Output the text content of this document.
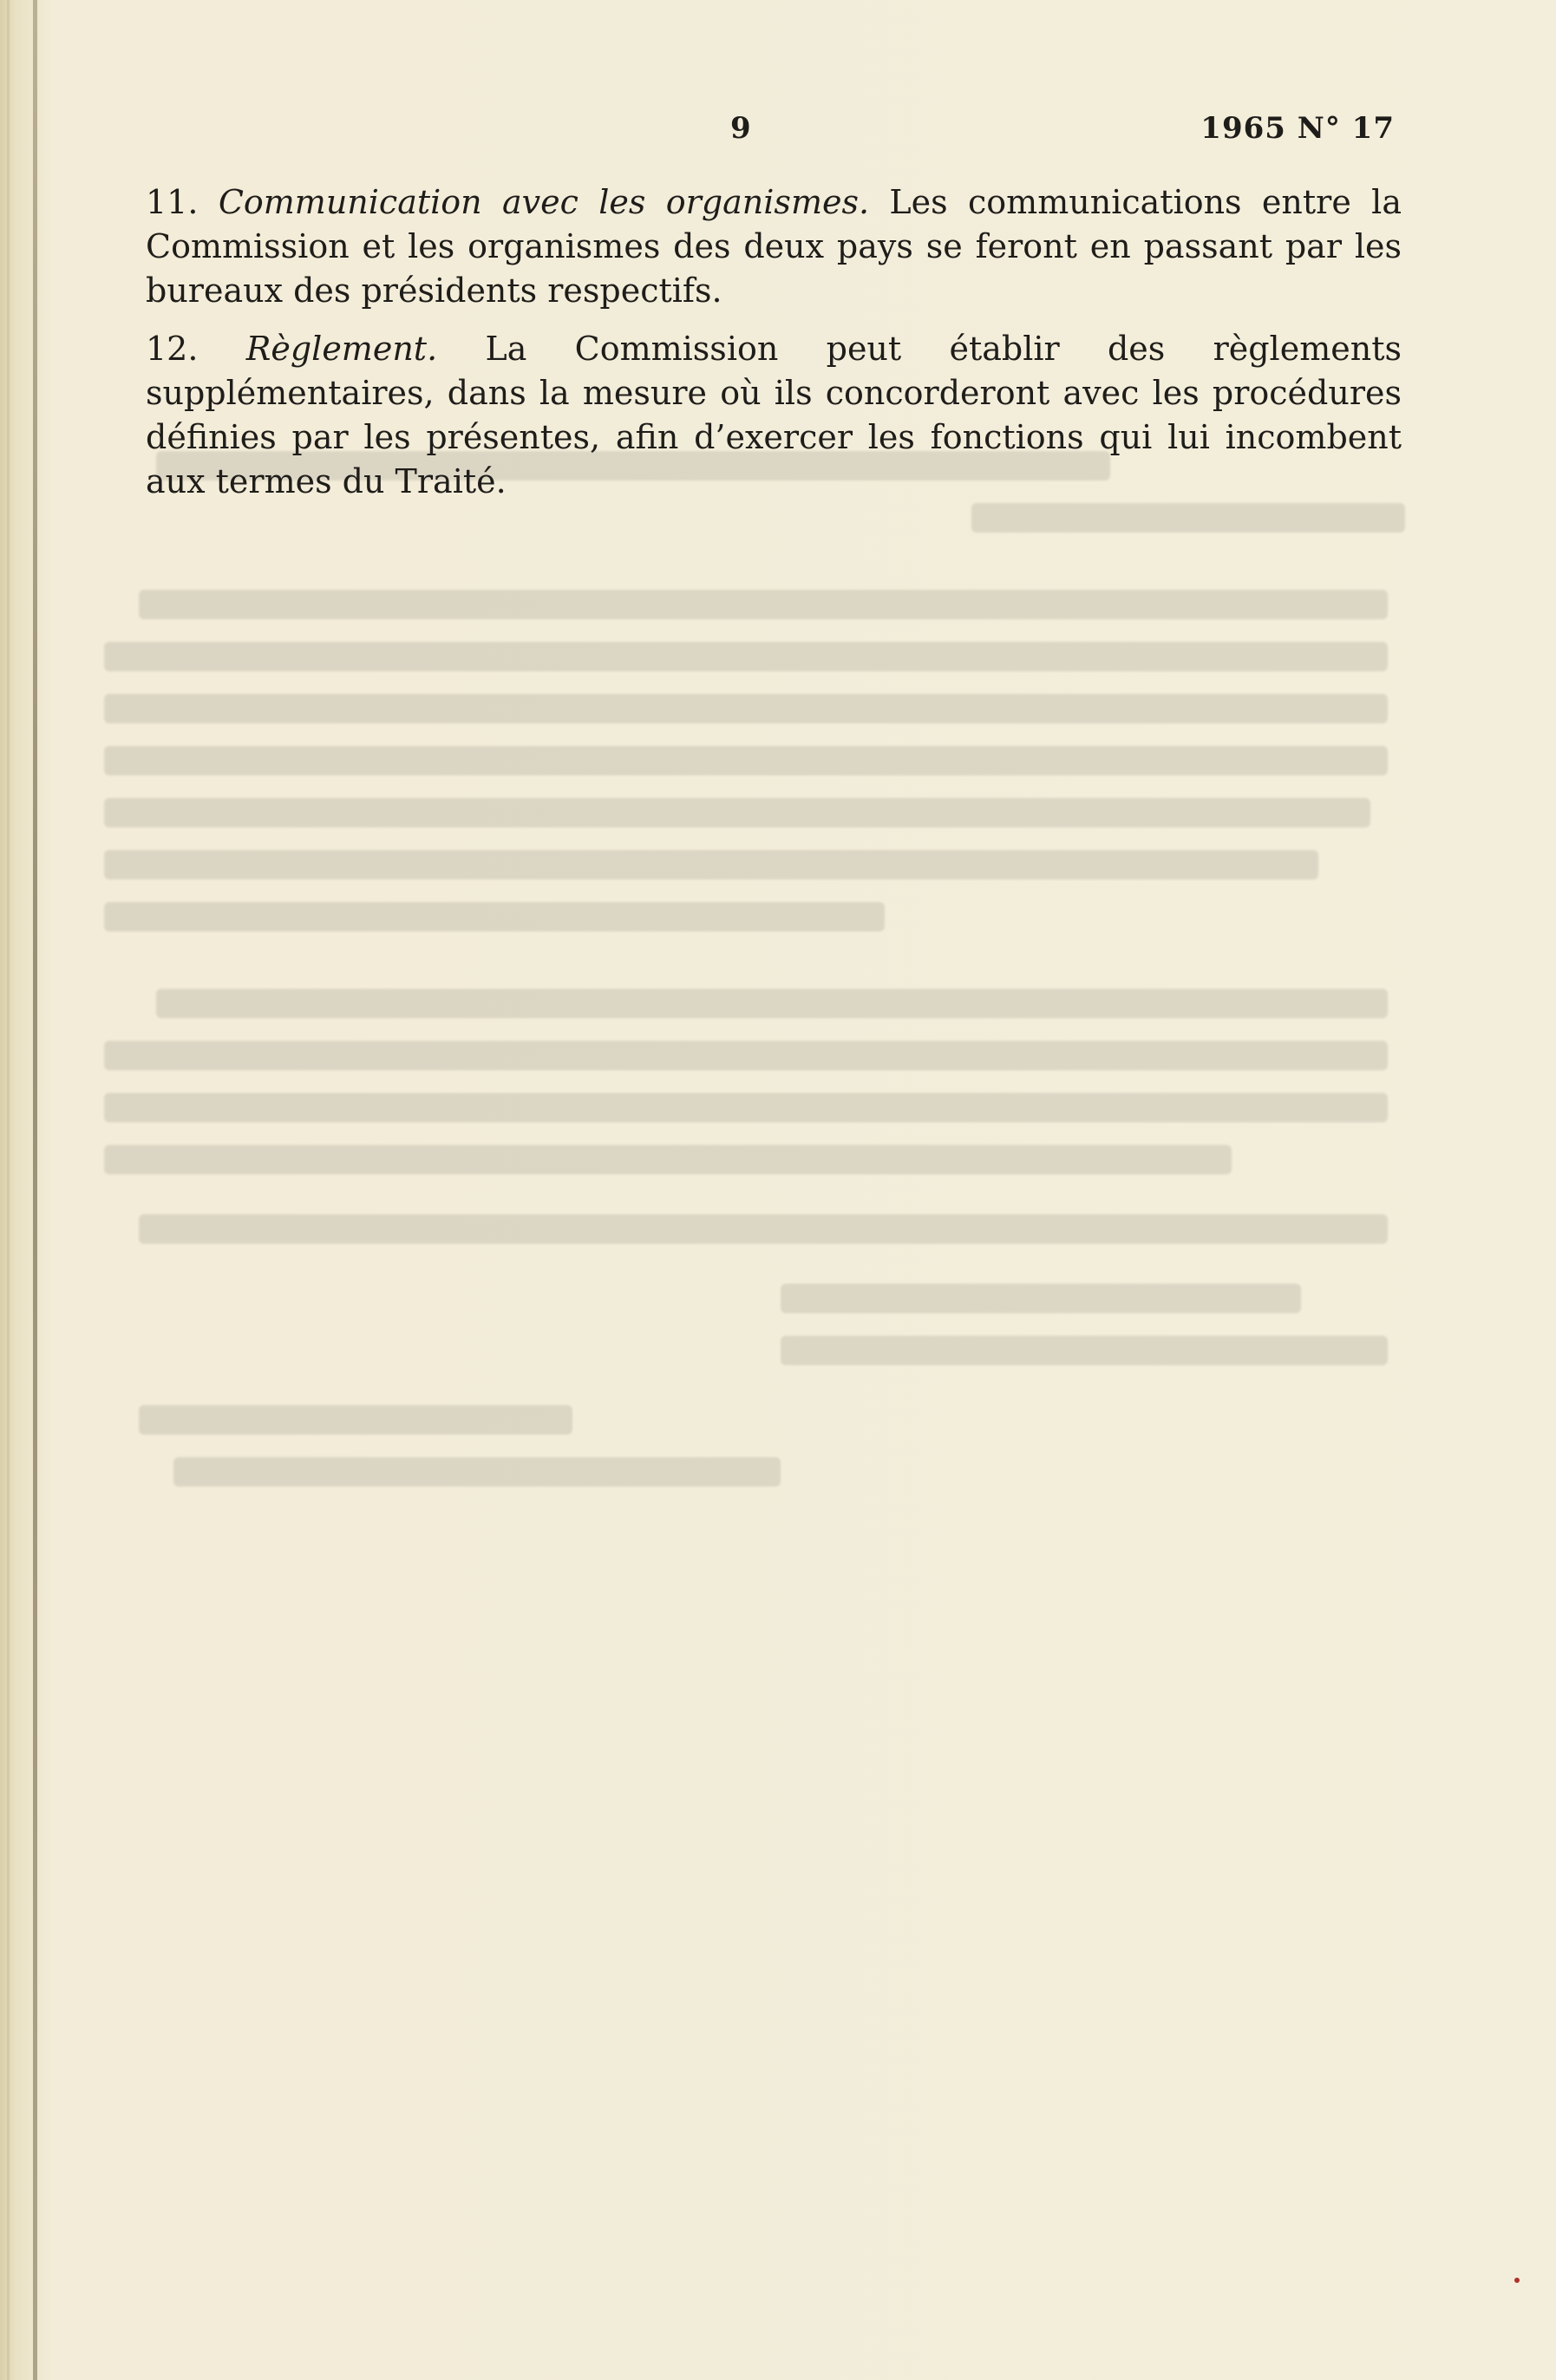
9	1965 N° 17

11. Communication avec les organismes. Les communications entre la Commission et les organismes des deux pays se feront en passant par les bureaux des présidents respectifs.

12. Règlement. La Commission peut établir des règlements supplémentaires, dans la mesure où ils concorderont avec les procédures définies par les présentes, afin d’exercer les fonctions qui lui incombent aux termes du Traité.
